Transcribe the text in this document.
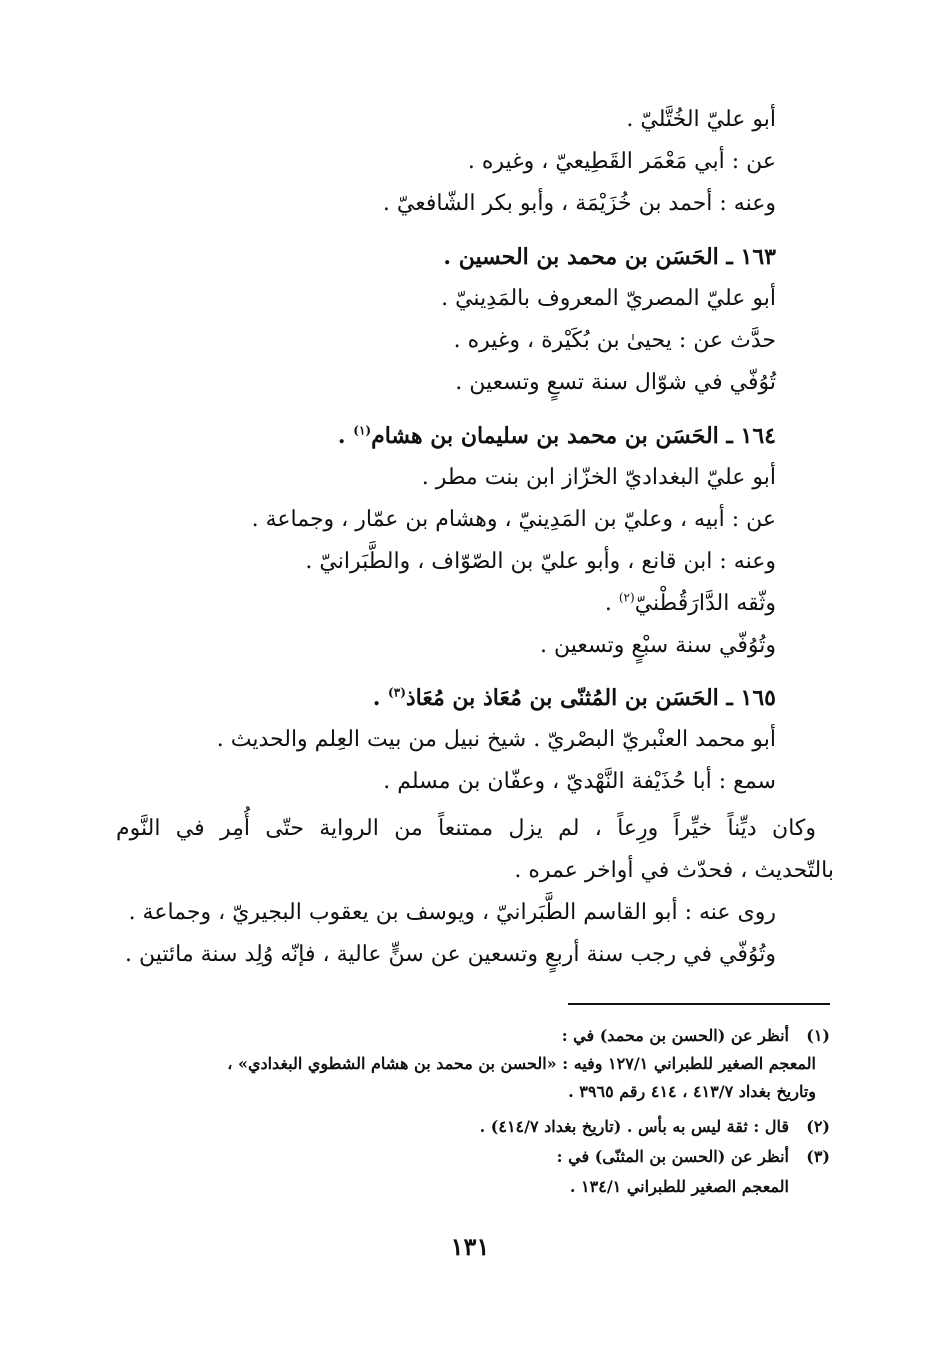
أبو عليّ الخُتَّليّ .
عن : أبي مَعْمَر القَطِيعيّ ، وغيره .
وعنه : أحمد بن خُزَيْمَة ، وأبو بكر الشّافعيّ .
١٦٣ ـ الحَسَن بن محمد بن الحسين .
أبو عليّ المصريّ المعروف بالمَدِينيّ .
حدَّث عن : يحيىٰ بن بُكَيْرة ، وغيره .
تُوُفّي في شوّال سنة تسعٍ وتسعين .
١٦٤ ـ الحَسَن بن محمد بن سليمان بن هشام$^{(١)}$ .
أبو عليّ البغداديّ الخزّاز ابن بنت مطر .
عن : أبيه ، وعليّ بن المَدِينيّ ، وهشام بن عمّار ، وجماعة .
وعنه : ابن قانع ، وأبو عليّ بن الصّوّاف ، والطَّبَرانيّ .
وثّقه الدَّارَقُطْنيّ$^{(٢)}$ .
وتُوُفّي سنة سبْعٍ وتسعين .
١٦٥ ـ الحَسَن بن المُثنّى بن مُعَاذ بن مُعَاذ$^{(٣)}$ .
أبو محمد العنْبريّ البصْريّ . شيخ نبيل من بيت العِلم والحديث .
سمع : أبا حُذَيْفة النَّهْديّ ، وعفّان بن مسلم .
وكان ديِّناً خيِّراً ورِعاً ، لم يزل ممتنعاً من الرواية حتّى أُمِر في النَّوم
بالتّحديث ، فحدّث في أواخر عمره .
روى عنه : أبو القاسم الطَّبَرانيّ ، ويوسف بن يعقوب البجيريّ ، وجماعة .
وتُوُفّي في رجب سنة أربعٍ وتسعين عن سنٍّ عالية ، فإنّه وُلِد سنة مائتين .
(١)
أنظر عن (الحسن بن محمد) في :
المعجم الصغير للطبراني ١٢٧/١ وفيه : «الحسن بن محمد بن هشام الشطوي البغدادي» ،
وتاريخ بغداد ٤١٣/٧ ، ٤١٤ رقم ٣٩٦٥ .
(٢)
قال : ثقة ليس به بأس . (تاريخ بغداد ٤١٤/٧) .
(٣)
أنظر عن (الحسن بن المثنّى) في :
المعجم الصغير للطبراني ١٣٤/١ .
١٣١
